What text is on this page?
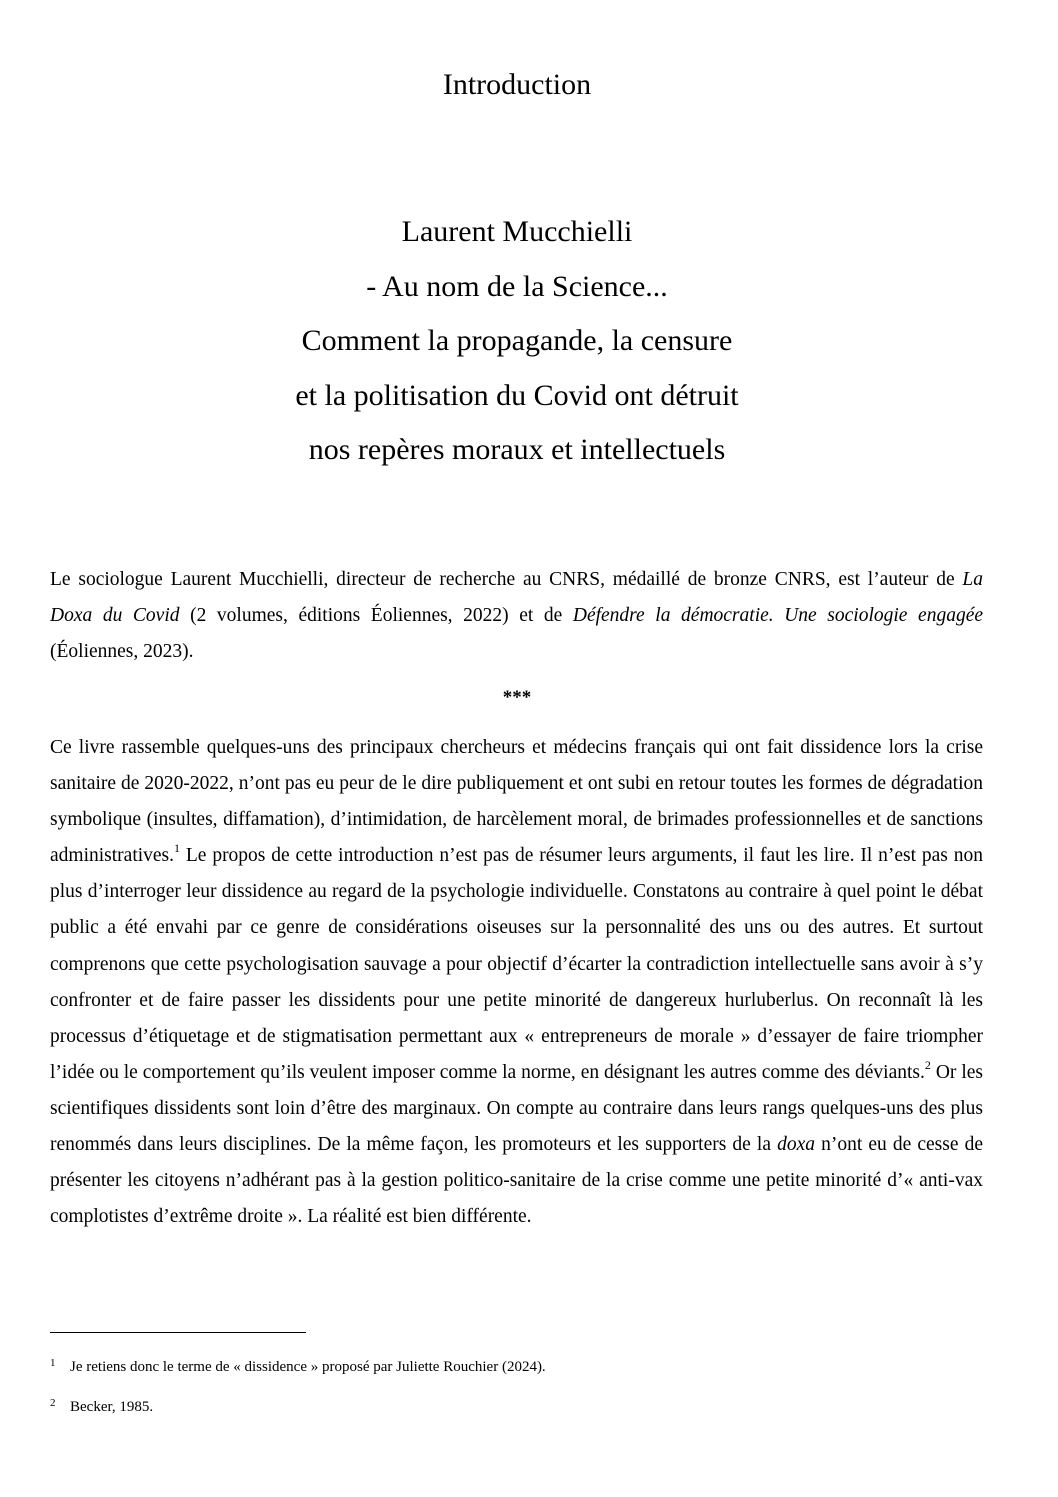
Introduction
Laurent Mucchielli
- Au nom de la Science...
Comment la propagande, la censure
et la politisation du Covid ont détruit
nos repères moraux et intellectuels

Le sociologue Laurent Mucchielli, directeur de recherche au CNRS, médaillé de bronze CNRS, est l’auteur de La Doxa du Covid (2 volumes, éditions Éoliennes, 2022) et de Défendre la démocratie. Une sociologie engagée (Éoliennes, 2023).

***

Ce livre rassemble quelques-uns des principaux chercheurs et médecins français qui ont fait dissidence lors la crise sanitaire de 2020-2022, n’ont pas eu peur de le dire publiquement et ont subi en retour toutes les formes de dégradation symbolique (insultes, diffamation), d’intimidation, de harcèlement moral, de brimades professionnelles et de sanctions administratives.$^1$ Le propos de cette introduction n’est pas de résumer leurs arguments, il faut les lire. Il n’est pas non plus d’interroger leur dissidence au regard de la psychologie individuelle. Constatons au contraire à quel point le débat public a été envahi par ce genre de considérations oiseuses sur la personnalité des uns ou des autres. Et surtout comprenons que cette psychologisation sauvage a pour objectif d’écarter la contradiction intellectuelle sans avoir à s’y confronter et de faire passer les dissidents pour une petite minorité de dangereux hurluberlus. On reconnaît là les processus d’étiquetage et de stigmatisation permettant aux « entrepreneurs de morale » d’essayer de faire triompher l’idée ou le comportement qu’ils veulent imposer comme la norme, en désignant les autres comme des déviants.$^2$ Or les scientifiques dissidents sont loin d’être des marginaux. On compte au contraire dans leurs rangs quelques-uns des plus renommés dans leurs disciplines. De la même façon, les promoteurs et les supporters de la doxa n’ont eu de cesse de présenter les citoyens n’adhérant pas à la gestion politico-sanitaire de la crise comme une petite minorité d’« anti-vax complotistes d’extrême droite ». La réalité est bien différente.

1 Je retiens donc le terme de « dissidence » proposé par Juliette Rouchier (2024).
2 Becker, 1985.
